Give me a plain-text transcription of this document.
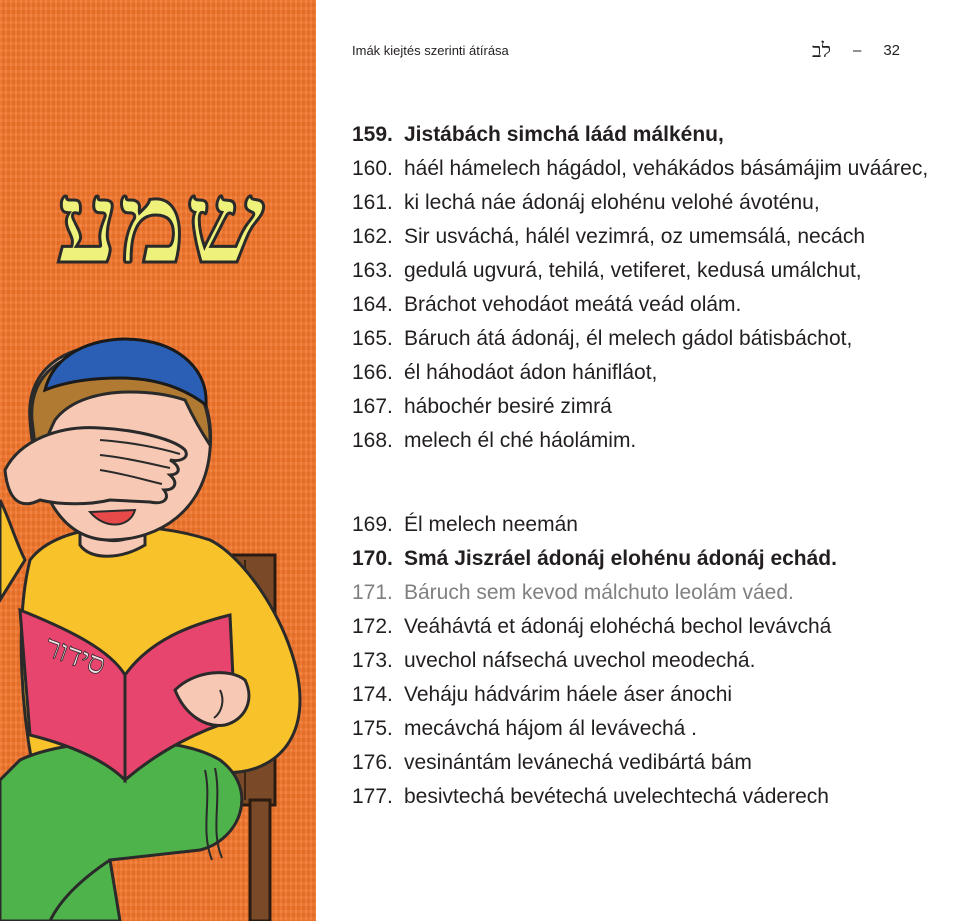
שמע
סידור
Imák kiejtés szerinti átírása	לב – 32
159. Jistábách simchá láád málkénu,
160. háél hámelech hágádol, vehákádos básámájim uváárec,
161. ki lechá náe ádonáj elohénu velohé ávoténu,
162. Sir usváchá, hálél vezimrá, oz umemsálá, necách
163. gedulá ugvurá, tehilá, vetiferet, kedusá umálchut,
164. Bráchot vehodáot meátá veád olám.
165. Báruch átá ádonáj, él melech gádol bátisbáchot,
166. él háhodáot ádon hánifláot,
167. hábochér besiré zimrá
168. melech él ché háolámim.
169. Él melech neemán
170. Smá Jiszráel ádonáj elohénu ádonáj echád.
171. Báruch sem kevod málchuto leolám váed.
172. Veáhávtá et ádonáj elohéchá bechol levávchá
173. uvechol náfsechá uvechol meodechá.
174. Veháju hádvárim háele áser ánochi
175. mecávchá hájom ál levávechá .
176. vesinántám levánechá vedibártá bám
177. besivtechá bevétechá uvelechtechá váderech
